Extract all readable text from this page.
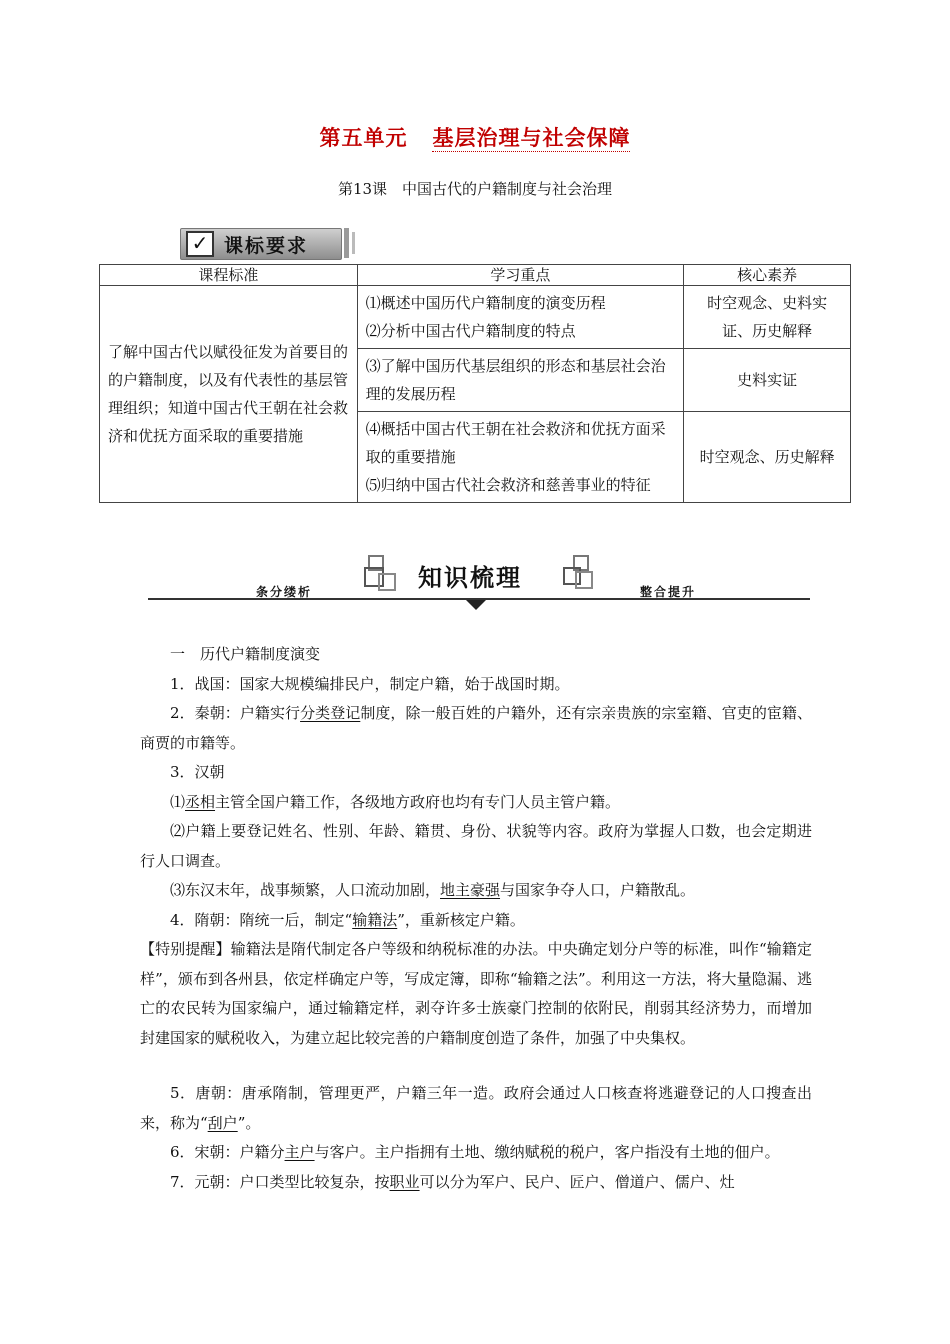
第五单元 基层治理与社会保障
第13课　中国古代的户籍制度与社会治理
✓ 课标要求
课程标准	学习重点	核心素养
了解中国古代以赋役征发为首要目的的户籍制度，以及有代表性的基层管理组织；知道中国古代王朝在社会救济和优抚方面采取的重要措施	⑴概述中国历代户籍制度的演变历程
⑵分析中国古代户籍制度的特点	时空观念、史料实证、历史解释

	⑶了解中国历代基层组织的形态和基层社会治理的发展历程	史料实证

	⑷概括中国古代王朝在社会救济和优抚方面采取的重要措施
⑸归纳中国古代社会救济和慈善事业的特征	时空观念、历史解释
知识梳理
条分缕析	整合提升

一　历代户籍制度演变

1．战国：国家大规模编排民户，制定户籍，始于战国时期。

2．秦朝：户籍实行分类登记制度，除一般百姓的户籍外，还有宗亲贵族的宗室籍、官吏的宦籍、商贾的市籍等。

3．汉朝

⑴丞相主管全国户籍工作，各级地方政府也均有专门人员主管户籍。

⑵户籍上要登记姓名、性别、年龄、籍贯、身份、状貌等内容。政府为掌握人口数，也会定期进行人口调查。

⑶东汉末年，战事频繁，人口流动加剧，地主豪强与国家争夺人口，户籍散乱。

4．隋朝：隋统一后，制定“输籍法”，重新核定户籍。

【特别提醒】输籍法是隋代制定各户等级和纳税标准的办法。中央确定划分户等的标准，叫作“输籍定样”，颁布到各州县，依定样确定户等，写成定簿，即称“输籍之法”。利用这一方法，将大量隐漏、逃亡的农民转为国家编户，通过输籍定样，剥夺许多士族豪门控制的依附民，削弱其经济势力，而增加封建国家的赋税收入，为建立起比较完善的户籍制度创造了条件，加强了中央集权。

5．唐朝：唐承隋制，管理更严，户籍三年一造。政府会通过人口核查将逃避登记的人口搜查出来，称为“刮户”。

6．宋朝：户籍分主户与客户。主户指拥有土地、缴纳赋税的税户，客户指没有土地的佃户。

7．元朝：户口类型比较复杂，按职业可以分为军户、民户、匠户、僧道户、儒户、灶
